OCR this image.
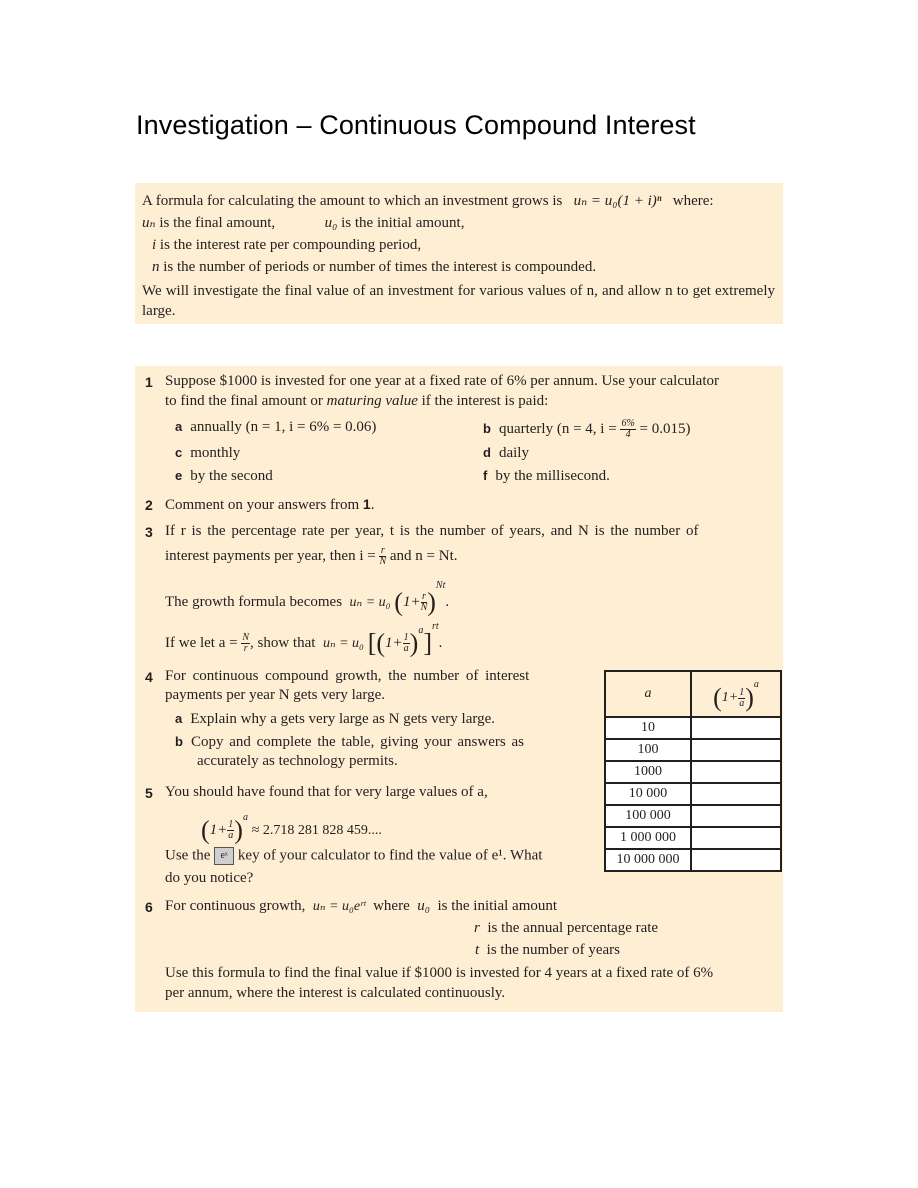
Investigation – Continuous Compound Interest
A formula for calculating the amount to which an investment grows is uₙ = u₀(1 + i)ⁿ where:
uₙ is the final amount,	u₀ is the initial amount,
i is the interest rate per compounding period,
n is the number of periods or number of times the interest is compounded.
We will investigate the final value of an investment for various values of n, and allow n to get extremely large.
1 Suppose $1000 is invested for one year at a fixed rate of 6% per annum. Use your calculator
to find the final amount or maturing value if the interest is paid:
a annually (n = 1, i = 6% = 0.06)	b quarterly (n = 4, $i = \frac{6\%}{4} = 0.015$)
c monthly	d daily
e by the second	f by the millisecond.
2 Comment on your answers from 1.
3 If r is the percentage rate per year, t is the number of years, and N is the number of
interest payments per year, then $i = \frac{r}{N}$ and n = Nt.
The growth formula becomes uₙ = u₀ $(1+ \frac{r}{N} )^{Nt}$.
If we let $a = \frac{N}{r}$ , show that uₙ = u₀ $[(1+ \frac{1}{a} )^a]^{rt}$.
4 For continuous compound growth, the number of interest
payments per year N gets very large.
a Explain why a gets very large as N gets very large.
b Copy and complete the table, giving your answers as
accurately as technology permits.
a	$(1+ \frac{1}{a} )^a$
10	
100	
1000	
10 000	
100 000	
1 000 000	
10 000 000	
5 You should have found that for very large values of a,
$(1+ \frac{1}{a} )^a \approx 2.718$ 281 828 459....
Use the eˣ key of your calculator to find the value of e¹. What
do you notice?
6 For continuous growth, uₙ = u₀eʳᵗ where u₀ is the initial amount
r is the annual percentage rate
t is the number of years
Use this formula to find the final value if $1000 is invested for 4 years at a fixed rate of 6%
per annum, where the interest is calculated continuously.
